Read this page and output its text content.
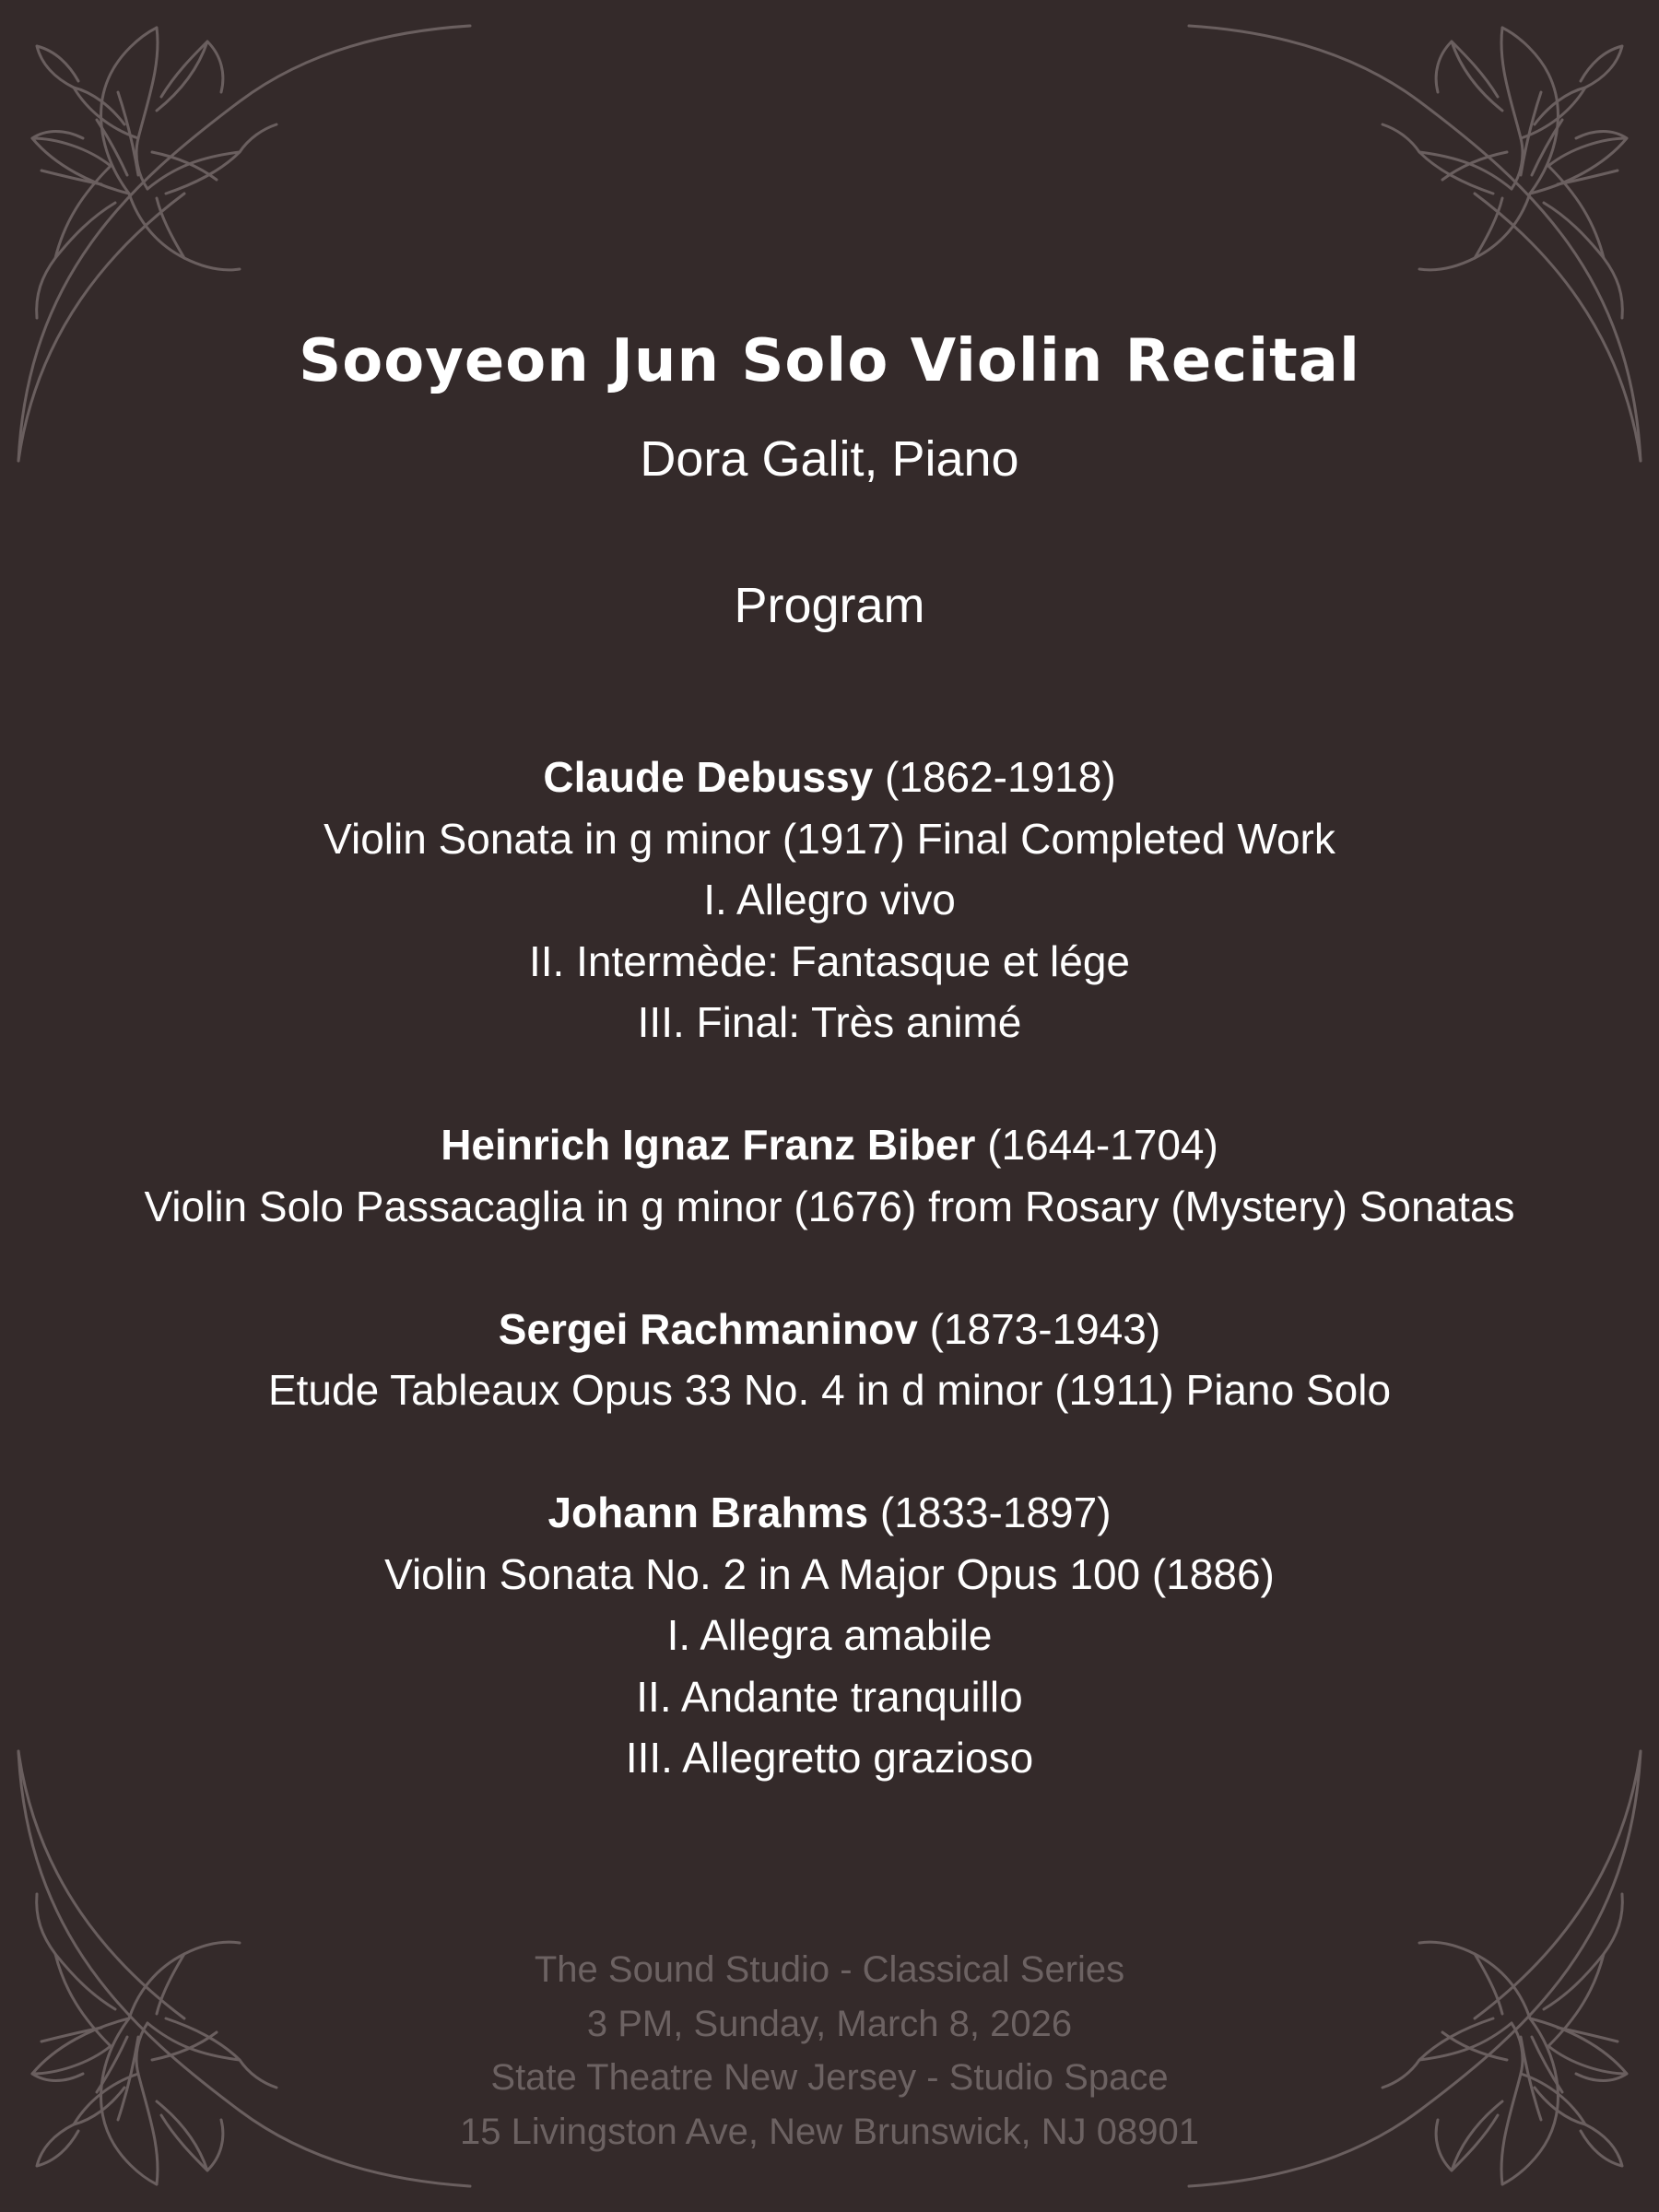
Sooyeon Jun Solo Violin Recital
Dora Galit, Piano
Program
Claude Debussy (1862-1918)
Violin Sonata in g minor (1917) Final Completed Work
I. Allegro vivo
II. Intermède: Fantasque et lége
III. Final: Très animé
Heinrich Ignaz Franz Biber (1644-1704)
Violin Solo Passacaglia in g minor (1676) from Rosary (Mystery) Sonatas
Sergei Rachmaninov (1873-1943)
Etude Tableaux Opus 33 No. 4 in d minor (1911) Piano Solo
Johann Brahms (1833-1897)
Violin Sonata No. 2 in A Major Opus 100 (1886)
I. Allegra amabile
II. Andante tranquillo
III. Allegretto grazioso
The Sound Studio - Classical Series
3 PM, Sunday, March 8, 2026
State Theatre New Jersey - Studio Space
15 Livingston Ave, New Brunswick, NJ 08901
